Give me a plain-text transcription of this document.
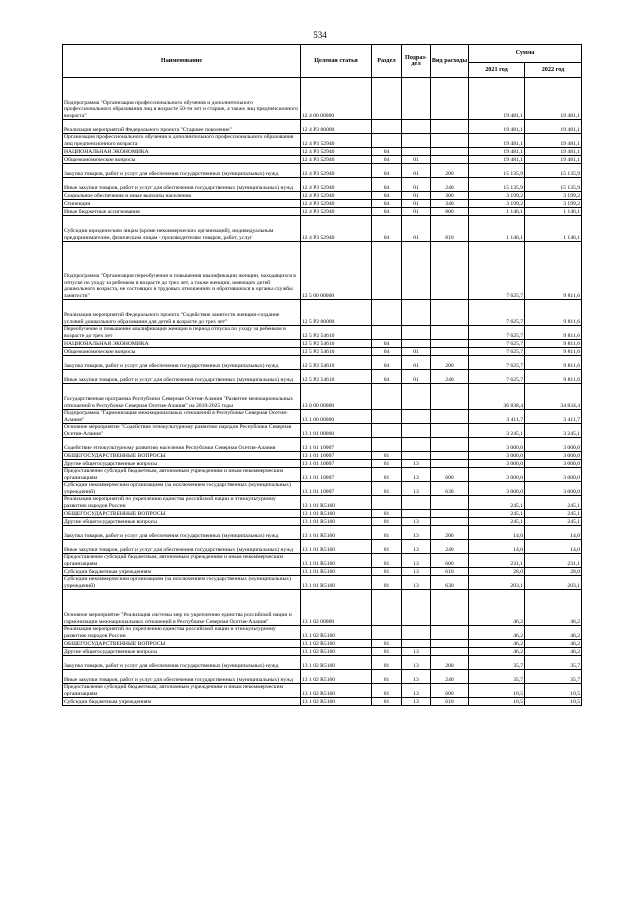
534
Наименование	Целевая статья	Раздел	Подраз-дел	Вид расходы	Сумма	
					2021 год	2022 год
Подпрограмма "Организация профессионального обучения и дополнительного профессионального образования лиц в возрасте 50-ти лет и старше, а также лиц предпенсионного возраста"	12 4 00 00000				19 481,1	19 481,1
Реализация мероприятий Федерального проекта "Старшее поколение"	12 4 P3 00000				19 481,1	19 481,1
Организация профессионального обучения и дополнительного профессионального образования лиц предпенсионного возраста	12 4 P3 52940				19 481,1	19 481,1
НАЦИОНАЛЬНАЯ ЭКОНОМИКА	12 4 P3 52940	04			19 481,1	19 481,1
Общеэкономические вопросы	12 4 P3 52940	04	01		19 481,1	19 481,1
Закупка товаров, работ и услуг для обеспечения государственных (муниципальных) нужд	12 4 P3 52940	04	01	200	15 135,9	15 135,9
Иные закупки товаров, работ и услуг для обеспечения государственных (муниципальных) нужд	12 4 P3 52940	04	01	240	15 135,9	15 135,9
Социальное обеспечение и иные выплаты населению	12 4 P3 52940	04	01	300	3 199,2	3 199,2
Стипендии	12 4 P3 52940	04	01	340	3 199,2	3 199,2
Иные бюджетные ассигнования	12 4 P3 52940	04	01	800	1 146,1	1 146,1
Субсидии юридическим лицам (кроме некоммерческих организаций), индивидуальным предпринимателям, физическим лицам - производителям товаров, работ, услуг	12 4 P3 52940	04	01	810	1 146,1	1 146,1
Подпрограмма "Организация переобучения и повышения квалификации женщин, находящихся в отпуске по уходу за ребенком в возрасте до трех лет, а также женщин, имеющих детей дошкольного возраста, не состоящих в трудовых отношениях и обратившихся в органы службы занятости"	12 5 00 00000				7 625,7	9 811,6
Реализация мероприятий Федерального проекта "Содействие занятости женщин-создание условий дошкольного образования для детей в возрасте до трех лет"	12 5 P2 00000				7 625,7	9 811,6
Переобучение и повышение квалификации женщин в период отпуска по уходу за ребенком в возрасте до трех лет	12 5 P2 54610				7 625,7	9 811,6
НАЦИОНАЛЬНАЯ ЭКОНОМИКА	12 5 P2 54610	04			7 625,7	9 811,6
Общеэкономические вопросы	12 5 P2 54610	04	01		7 625,7	9 811,6
Закупка товаров, работ и услуг для обеспечения государственных (муниципальных) нужд	12 5 P2 54610	04	01	200	7 625,7	9 811,6
Иные закупки товаров, работ и услуг для обеспечения государственных (муниципальных) нужд	12 5 P2 54610	04	01	240	7 625,7	9 811,6
Государственная программа Республики Северная Осетия-Алания "Развитие межнациональных отношений в Республике Северная Осетия-Алания" на 2019-2025 годы	13 0 00 00000				36 838,4	34 834,4
Подпрограмма "Гармонизация межнациональных отношений в Республике Северная Осетия-Алания"	13 1 00 00000				3 411,7	3 411,7
Основное мероприятие "Содействие этнокультурному развитию народов Республики Северная Осетия-Алания"	13 1 01 00000				3 245,1	3 245,1
Содействие этнокультурному развитию населения Республики Северная Осетия-Алания	13 1 01 10007				3 000,0	3 000,0
ОБЩЕГОСУДАРСТВЕННЫЕ ВОПРОСЫ	13 1 01 10007	01			3 000,0	3 000,0
Другие общегосударственные вопросы	13 1 01 10007	01	13		3 000,0	3 000,0
Предоставление субсидий бюджетным, автономным учреждениям и иным некоммерческим организациям	13 1 01 10007	01	13	600	3 000,0	3 000,0
Субсидии некоммерческим организациям (за исключением государственных (муниципальных) учреждений)	13 1 01 10007	01	13	630	3 000,0	3 000,0
Реализация мероприятий по укреплению единства российской нации и этнокультурному развитию народов России	13 1 01 R5160				245,1	245,1
ОБЩЕГОСУДАРСТВЕННЫЕ ВОПРОСЫ	13 1 01 R5160	01			245,1	245,1
Другие общегосударственные вопросы	13 1 01 R5160	01	13		245,1	245,1
Закупка товаров, работ и услуг для обеспечения государственных (муниципальных) нужд	13 1 01 R5160	01	13	200	14,0	14,0
Иные закупки товаров, работ и услуг для обеспечения государственных (муниципальных) нужд	13 1 01 R5160	01	13	240	14,0	14,0
Предоставление субсидий бюджетным, автономным учреждениям и иным некоммерческим организациям	13 1 01 R5160	01	13	600	231,1	231,1
Субсидии бюджетным учреждениям	13 1 01 R5160	01	13	610	28,0	28,0
Субсидии некоммерческим организациям (за исключением государственных (муниципальных) учреждений)	13 1 01 R5160	01	13	630	203,1	203,1
Основное мероприятие "Реализация системы мер по укреплению единства российской нации и гармонизации межнациональных отношений в Республике Северная Осетия-Алания"	13 1 02 00000				46,2	46,2
Реализация мероприятий по укреплению единства российской нации и этнокультурному развитию народов России	13 1 02 R5160				46,2	46,2
ОБЩЕГОСУДАРСТВЕННЫЕ ВОПРОСЫ	13 1 02 R5160	01			46,2	46,2
Другие общегосударственные вопросы	13 1 02 R5160	01	13		46,2	46,2
Закупка товаров, работ и услуг для обеспечения государственных (муниципальных) нужд	13 1 02 R5160	01	13	200	35,7	35,7
Иные закупки товаров, работ и услуг для обеспечения государственных (муниципальных) нужд	13 1 02 R5160	01	13	240	35,7	35,7
Предоставление субсидий бюджетным, автономным учреждениям и иным некоммерческим организациям	13 1 02 R5160	01	13	600	10,5	10,5
Субсидии бюджетным учреждениям	13 1 02 R5160	01	13	610	10,5	10,5
